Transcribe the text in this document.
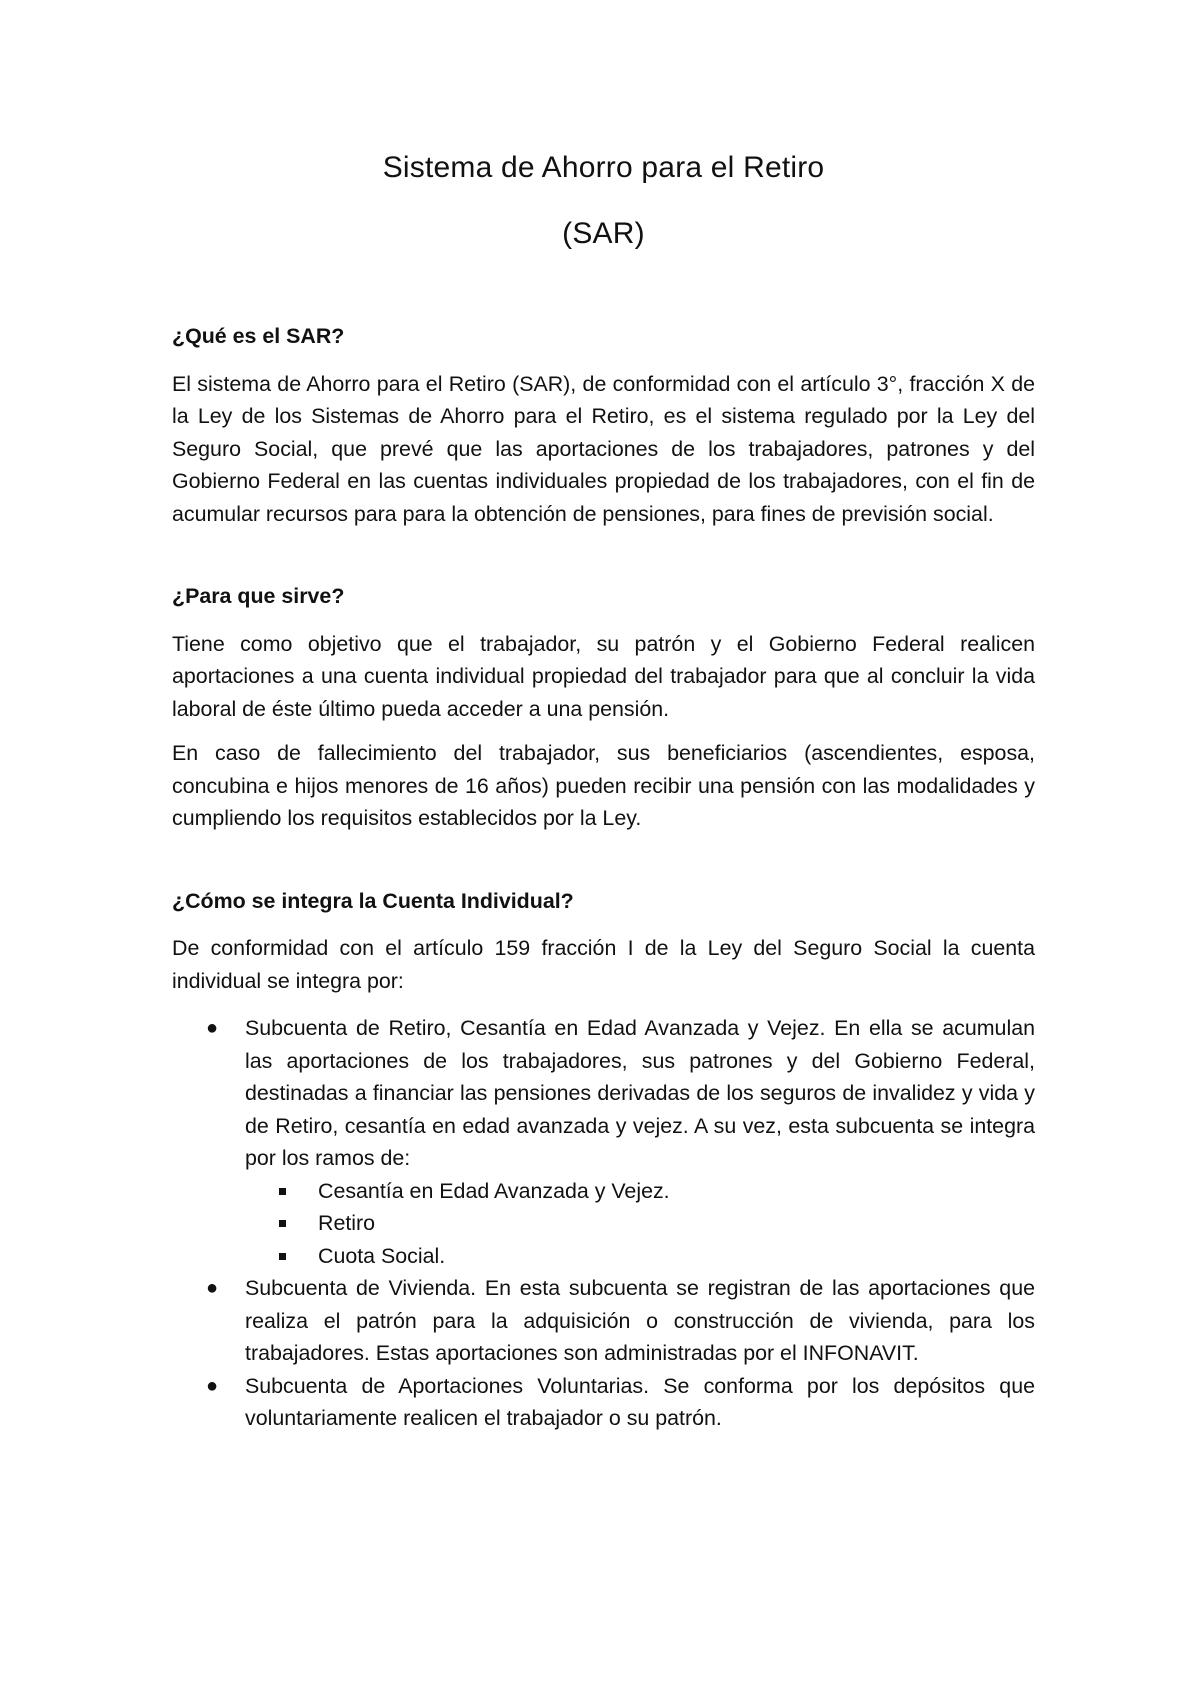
Sistema de Ahorro para el Retiro
(SAR)
¿Qué es el SAR?

El sistema de Ahorro para el Retiro (SAR), de conformidad con el artículo 3°, fracción X de la Ley de los Sistemas de Ahorro para el Retiro, es el sistema regulado por la Ley del Seguro Social, que prevé que las aportaciones de los trabajadores, patrones y del Gobierno Federal en las cuentas individuales propiedad de los trabajadores, con el fin de acumular recursos para para la obtención de pensiones, para fines de previsión social.

¿Para que sirve?

Tiene como objetivo que el trabajador, su patrón y el Gobierno Federal realicen aportaciones a una cuenta individual propiedad del trabajador para que al concluir la vida laboral de éste último pueda acceder a una pensión.

En caso de fallecimiento del trabajador, sus beneficiarios (ascendientes, esposa, concubina e hijos menores de 16 años) pueden recibir una pensión con las modalidades y cumpliendo los requisitos establecidos por la Ley.

¿Cómo se integra la Cuenta Individual?

De conformidad con el artículo 159 fracción I de la Ley del Seguro Social la cuenta individual se integra por:

● Subcuenta de Retiro, Cesantía en Edad Avanzada y Vejez. En ella se acumulan las aportaciones de los trabajadores, sus patrones y del Gobierno Federal, destinadas a financiar las pensiones derivadas de los seguros de invalidez y vida y de Retiro, cesantía en edad avanzada y vejez. A su vez, esta subcuenta se integra por los ramos de:
Cesantía en Edad Avanzada y Vejez.
Retiro
Cuota Social.
● Subcuenta de Vivienda. En esta subcuenta se registran de las aportaciones que realiza el patrón para la adquisición o construcción de vivienda, para los trabajadores. Estas aportaciones son administradas por el INFONAVIT.
● Subcuenta de Aportaciones Voluntarias. Se conforma por los depósitos que voluntariamente realicen el trabajador o su patrón.
